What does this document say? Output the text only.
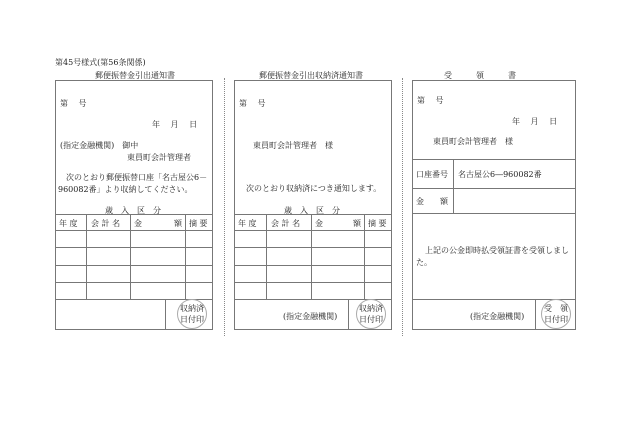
第45号様式(第56条関係)
郵便振替金引出通知書
第　 号
年　 月　 日
(指定金融機関)　御中
東員町会計管理者
次のとおり郵便振替口座「名古屋公6－
960082番」より収納してください。
歳　入　区　分
年 度 会 計 名 金	額 摘 要
収納済
日付印
郵便振替金引出収納済通知書
第　 号
東員町会計管理者　様
次のとおり収納済につき通知します。
歳　入　区　分
年 度 会 計 名 金	額 摘 要
(指定金融機関)
収納済
日付印
受　　　領　　　書
第　 号
年　 月　 日
東員町会計管理者　様
口座番号 名古屋公6―960082番
金　　額
上記の公金即時払受領証書を受領しまし
た。
(指定金融機関)
受　領
日付印
